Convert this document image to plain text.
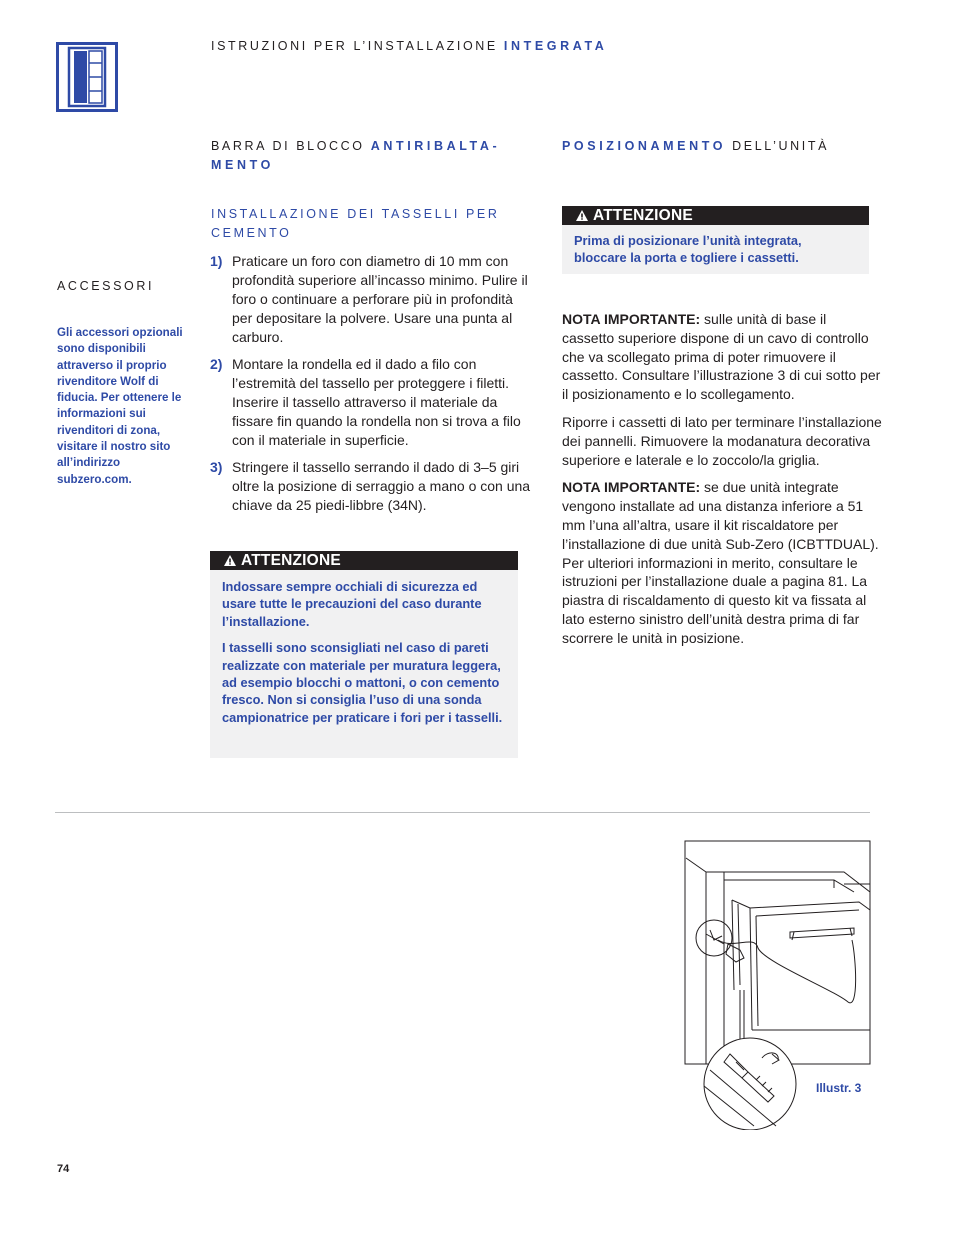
ISTRUZIONI PER L’INSTALLAZIONE INTEGRATA
BARRA DI BLOCCO ANTIRIBALTA-
MENTO
INSTALLAZIONE DEI TASSELLI PER
CEMENTO
1) Praticare un foro con diametro di 10 mm con profondità superiore all’incasso minimo. Pulire il foro o continuare a perforare più in profondità per depositare la polvere. Usare una punta al carburo.
2) Montare la rondella ed il dado a filo con l’estremità del tassello per proteggere i filetti. Inserire il tassello attraverso il materiale da fissare fin quando la rondella non si trova a filo con il materiale in superficie.
3) Stringere il tassello serrando il dado di 3–5 giri oltre la posizione di serraggio a mano o con una chiave da 25 piedi-libbre (34N).
ATTENZIONE

Indossare sempre occhiali di sicurezza ed usare tutte le precauzioni del caso durante l’installazione.

I tasselli sono sconsigliati nel caso di pareti realizzate con materiale per muratura leggera, ad esempio blocchi o mattoni, o con cemento fresco. Non si consiglia l’uso di una sonda campionatrice per praticare i fori per i tasselli.

ACCESSORI
Gli accessori opzionali sono disponibili attraverso il proprio rivenditore Wolf di fiducia. Per ottenere le informazioni sui rivenditori di zona, visitare il nostro sito all’indirizzo subzero.com.
POSIZIONAMENTO DELL’UNITÀ
ATTENZIONE

Prima di posizionare l’unità integrata, bloccare la porta e togliere i cassetti.

NOTA IMPORTANTE: sulle unità di base il cassetto superiore dispone di un cavo di controllo che va scollegato prima di poter rimuovere il cassetto. Consultare l’illustrazione 3 di cui sotto per il posizionamento e lo scollegamento.

Riporre i cassetti di lato per terminare l’installazione dei pannelli. Rimuovere la modanatura decorativa superiore e laterale e lo zoccolo/la griglia.

NOTA IMPORTANTE: se due unità integrate vengono installate ad una distanza inferiore a 51 mm l’una all’altra, usare il kit riscaldatore per l’installazione di due unità Sub-Zero (ICBTTDUAL). Per ulteriori informazioni in merito, consultare le istruzioni per l’installazione duale a pagina 81. La piastra di riscaldamento di questo kit va fissata al lato esterno sinistro dell’unità destra prima di far scorrere le unità in posizione.

Illustr. 3
74
